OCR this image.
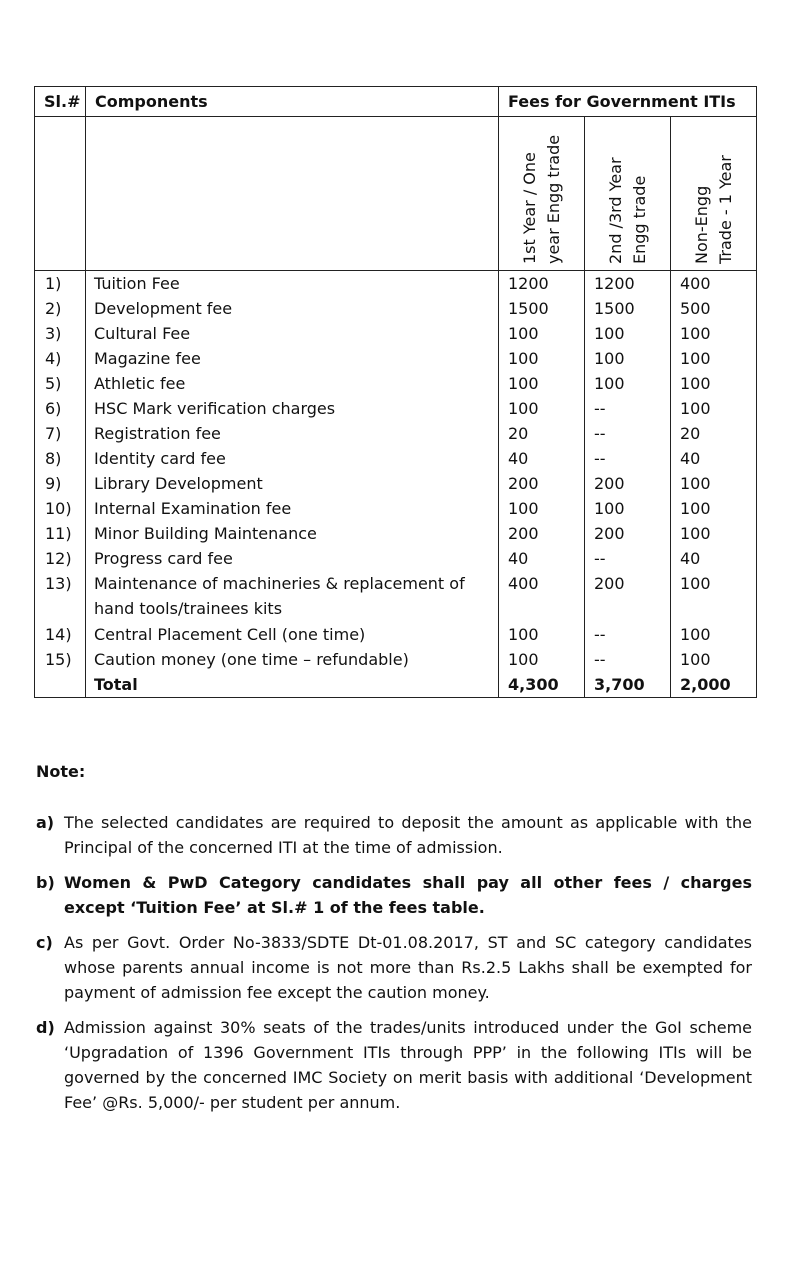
Sl.#	Components	Fees for Government ITIs		

		1st Year / One year Engg trade	2nd /3rd Year Engg trade	Non-Engg Trade - 1 Year

1)	Tuition Fee	1200	1200	400
2)	Development fee	1500	1500	500
3)	Cultural Fee	100	100	100
4)	Magazine fee	100	100	100
5)	Athletic fee	100	100	100
6)	HSC Mark verification charges	100	--	100
7)	Registration fee	20	--	20
8)	Identity card fee	40	--	40
9)	Library Development	200	200	100
10)	Internal Examination fee	100	100	100
11)	Minor Building Maintenance	200	200	100
12)	Progress card fee	40	--	40
13)	Maintenance of machineries & replacement of
hand tools/trainees kits	400	200	100
14)	Central Placement Cell (one time)	100	--	100
15)	Caution money (one time – refundable)	100	--	100
	Total	4,300	3,700	2,000
Note:
a) The selected candidates are required to deposit the amount as applicable with the Principal of the concerned ITI at the time of admission.
b) Women & PwD Category candidates shall pay all other fees / charges except ‘Tuition Fee’ at Sl.# 1 of the fees table.
c) As per Govt. Order No-3833/SDTE Dt-01.08.2017, ST and SC category candidates whose parents annual income is not more than Rs.2.5 Lakhs shall be exempted for payment of admission fee except the caution money.
d) Admission against 30% seats of the trades/units introduced under the GoI scheme ‘Upgradation of 1396 Government ITIs through PPP’ in the following ITIs will be governed by the concerned IMC Society on merit basis with additional ‘Development Fee’ @Rs. 5,000/- per student per annum.
